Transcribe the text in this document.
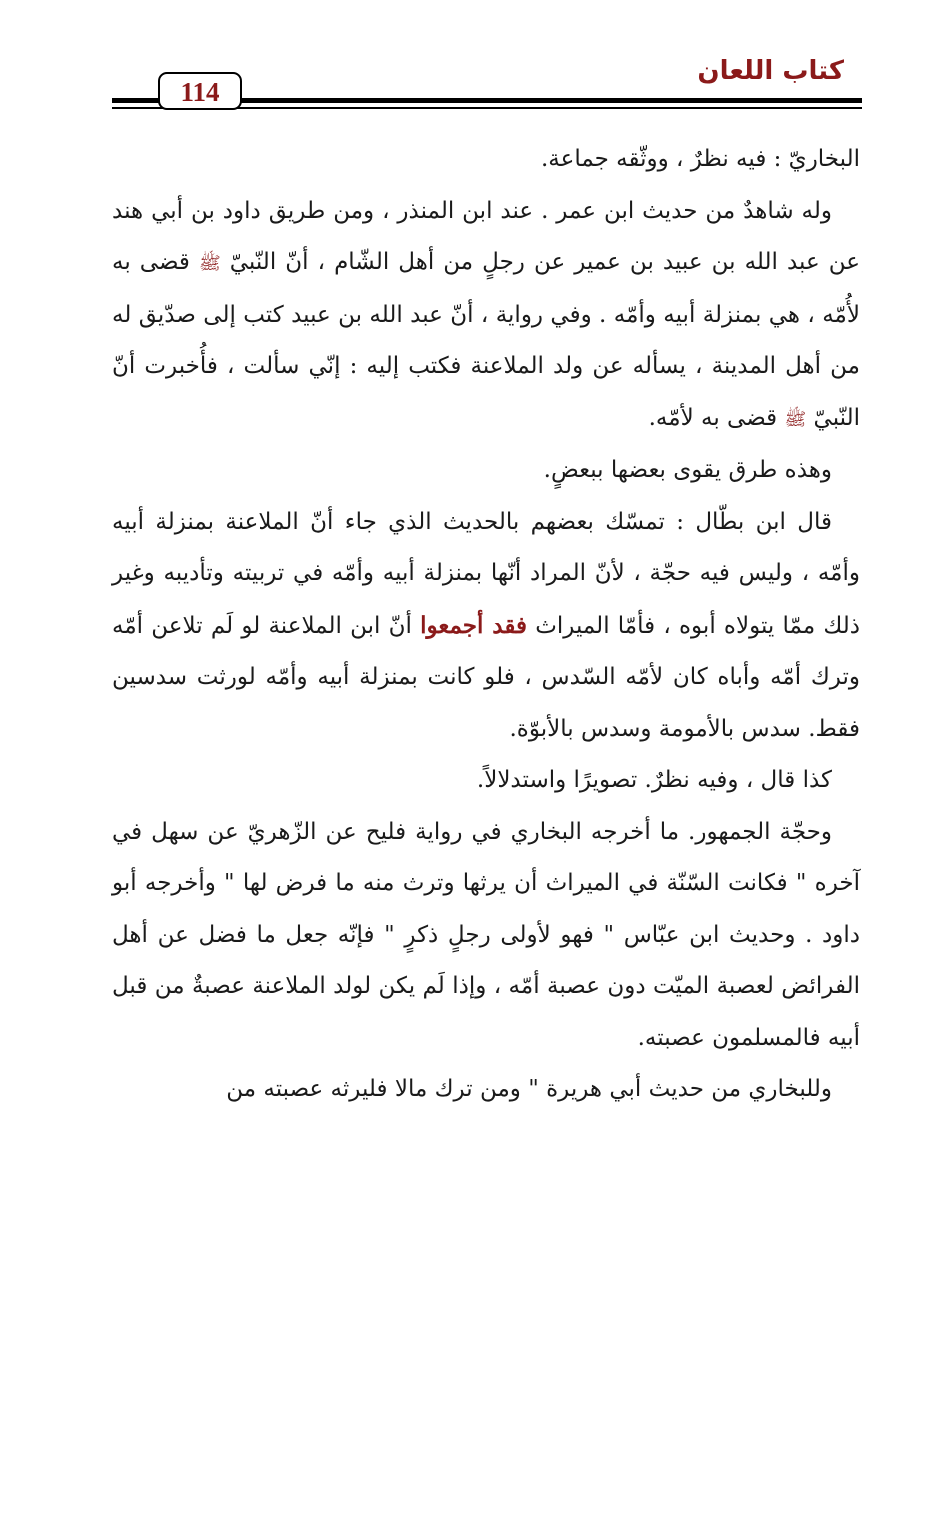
كتاب اللعان
114

البخاريّ : فيه نظرٌ ، ووثّقه جماعة.

وله شاهدٌ من حديث ابن عمر . عند ابن المنذر ، ومن طريق داود بن أبي هند عن عبد الله بن عبيد بن عمير عن رجلٍ من أهل الشّام ، أنّ النّبيّ ﷺ قضى به لأُمّه ، هي بمنزلة أبيه وأمّه . وفي رواية ، أنّ عبد الله بن عبيد كتب إلى صدّيق له من أهل المدينة ، يسأله عن ولد الملاعنة فكتب إليه : إنّي سألت ، فأُخبرت أنّ النّبيّ ﷺ قضى به لأمّه.

وهذه طرق يقوى بعضها ببعضٍ.

قال ابن بطّال : تمسّك بعضهم بالحديث الذي جاء أنّ الملاعنة بمنزلة أبيه وأمّه ، وليس فيه حجّة ، لأنّ المراد أنّها بمنزلة أبيه وأمّه في تربيته وتأديبه وغير ذلك ممّا يتولاه أبوه ، فأمّا الميراث فقد أجمعوا أنّ ابن الملاعنة لو لَم تلاعن أمّه وترك أمّه وأباه كان لأمّه السّدس ، فلو كانت بمنزلة أبيه وأمّه لورثت سدسين فقط. سدس بالأمومة وسدس بالأبوّة.

كذا قال ، وفيه نظرٌ. تصويرًا واستدلالاً.

وحجّة الجمهور. ما أخرجه البخاري في رواية فليح عن الزّهريّ عن سهل في آخره " فكانت السّنّة في الميراث أن يرثها وترث منه ما فرض لها " وأخرجه أبو داود . وحديث ابن عبّاس " فهو لأولى رجلٍ ذكرٍ " فإنّه جعل ما فضل عن أهل الفرائض لعصبة الميّت دون عصبة أمّه ، وإذا لَم يكن لولد الملاعنة عصبةٌ من قبل أبيه فالمسلمون عصبته.

وللبخاري من حديث أبي هريرة " ومن ترك مالا فليرثه عصبته من
